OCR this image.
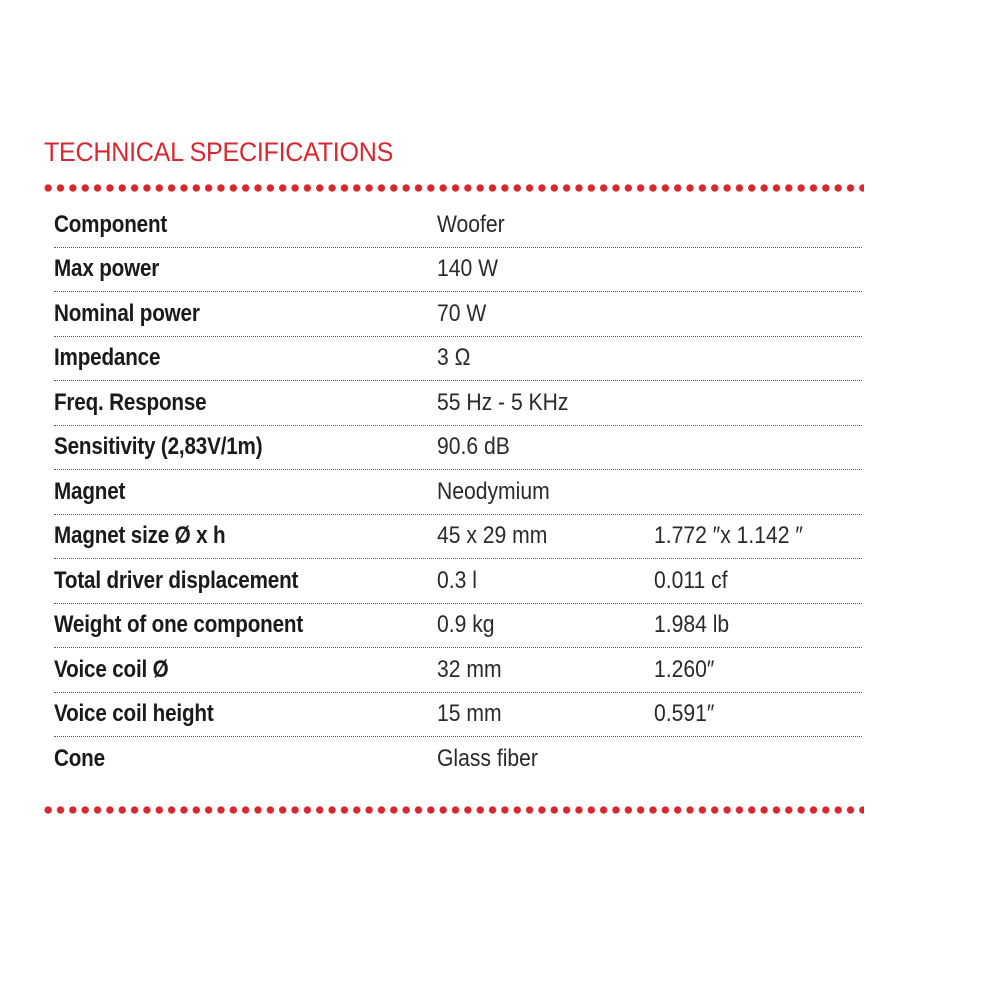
TECHNICAL SPECIFICATIONS
Component	Woofer
Max power	140 W
Nominal power	70 W
Impedance	3 Ω
Freq. Response	55 Hz - 5 KHz
Sensitivity (2,83V/1m)	90.6 dB
Magnet	Neodymium
Magnet size Ø x h	45 x 29 mm	1.772 ″x 1.142 ″
Total driver displacement	0.3 l	0.011 cf
Weight of one component	0.9 kg	1.984 lb
Voice coil Ø	32 mm	1.260″
Voice coil height	15 mm	0.591″
Cone	Glass fiber
